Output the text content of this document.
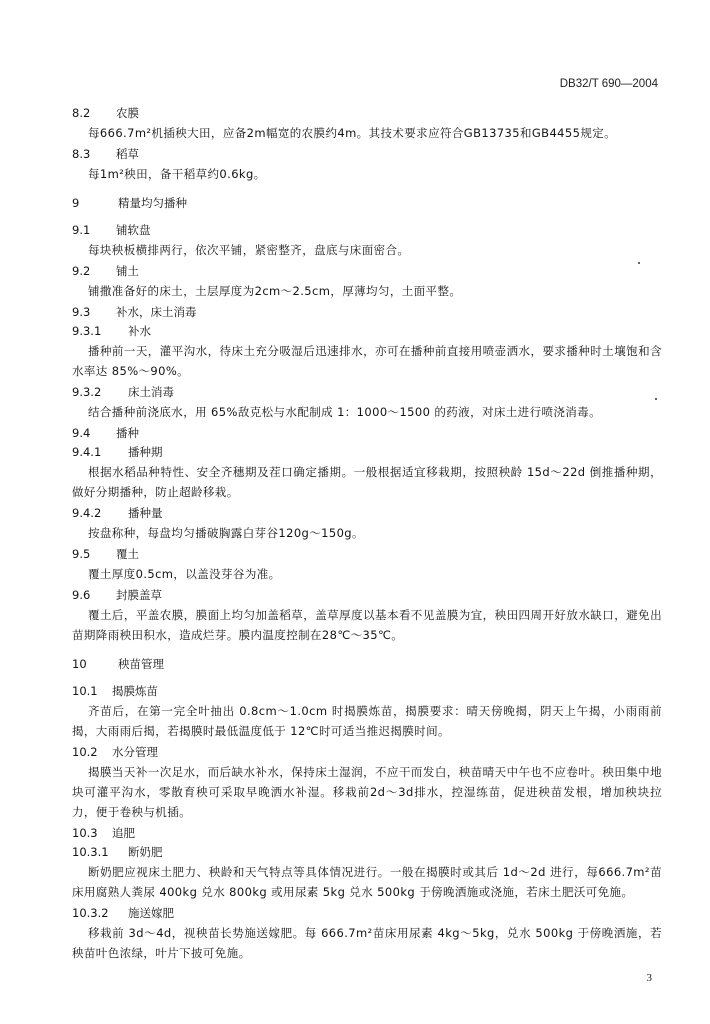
DB32/T 690—2004
8.2 农膜
每666.7m²机插秧大田，应备2m幅宽的农膜约4m。其技术要求应符合GB13735和GB4455规定。
8.3 稻草
每1m²秧田，备干稻草约0.6kg。
9	精量均匀播种
9.1 铺软盘
每块秧板横排两行，依次平铺，紧密整齐，盘底与床面密合。
9.2 铺土
铺撒准备好的床土，土层厚度为2cm～2.5cm，厚薄均匀，土面平整。
9.3 补水，床土消毒
9.3.1 补水
播种前一天，灌平沟水，待床土充分吸湿后迅速排水，亦可在播种前直接用喷壶洒水，要求播种时土壤饱和含水率达 85%～90%。
9.3.2 床土消毒
结合播种前浇底水，用 65%敌克松与水配制成 1：1000～1500 的药液，对床土进行喷浇消毒。
9.4 播种
9.4.1 播种期
根据水稻品种特性、安全齐穗期及茬口确定播期。一般根据适宜移栽期，按照秧龄 15d～22d 倒推播种期，做好分期播种，防止超龄移栽。
9.4.2 播种量
按盘称种，每盘均匀播破胸露白芽谷120g～150g。
9.5 覆土
覆土厚度0.5cm，以盖没芽谷为准。
9.6 封膜盖草
覆土后，平盖农膜，膜面上均匀加盖稻草，盖草厚度以基本看不见盖膜为宜，秧田四周开好放水缺口，避免出苗期降雨秧田积水，造成烂芽。膜内温度控制在28℃～35℃。
10	秧苗管理
10.1 揭膜炼苗
齐苗后，在第一完全叶抽出 0.8cm～1.0cm 时揭膜炼苗，揭膜要求：晴天傍晚揭，阴天上午揭，小雨雨前揭，大雨雨后揭，若揭膜时最低温度低于 12℃时可适当推迟揭膜时间。
10.2 水分管理
揭膜当天补一次足水，而后缺水补水，保持床土湿润，不应干而发白，秧苗晴天中午也不应卷叶。秧田集中地块可灌平沟水，零散育秧可采取早晚洒水补湿。移栽前2d～3d排水，控湿练苗，促进秧苗发根，增加秧块拉力，便于卷秧与机插。
10.3 追肥
10.3.1 断奶肥
断奶肥应视床土肥力、秧龄和天气特点等具体情况进行。一般在揭膜时或其后 1d～2d 进行，每666.7m²苗床用腐熟人粪尿 400kg 兑水 800kg 或用尿素 5kg 兑水 500kg 于傍晚洒施或浇施，若床土肥沃可免施。
10.3.2 施送嫁肥
移栽前 3d～4d，视秧苗长势施送嫁肥。每 666.7m²苗床用尿素 4kg～5kg，兑水 500kg 于傍晚洒施，若秧苗叶色浓绿，叶片下披可免施。
3
